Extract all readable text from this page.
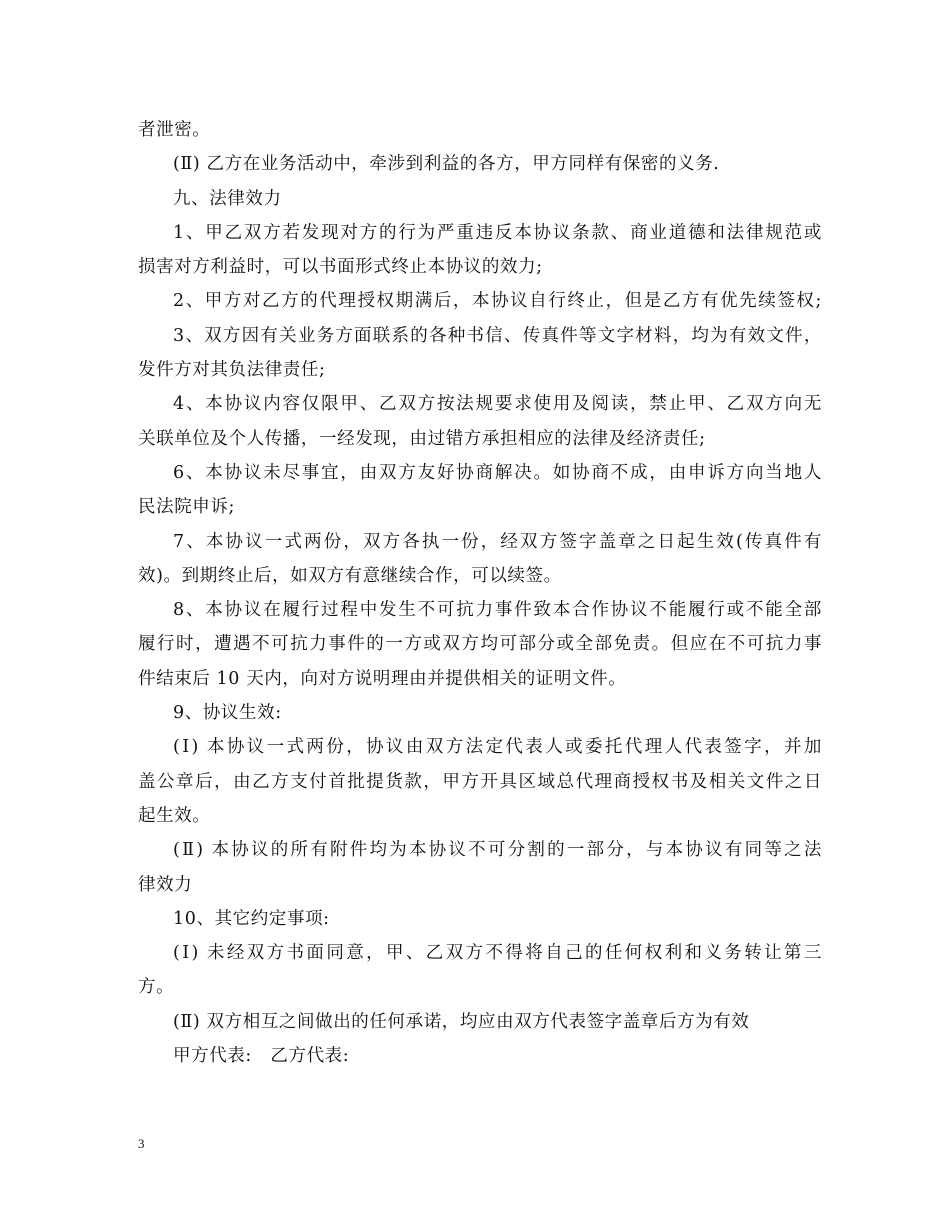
者泄密。
(Ⅱ) 乙方在业务活动中，牵涉到利益的各方，甲方同样有保密的义务.
九、法律效力
1、甲乙双方若发现对方的行为严重违反本协议条款、商业道德和法律规范或
损害对方利益时，可以书面形式终止本协议的效力;
2、甲方对乙方的代理授权期满后，本协议自行终止，但是乙方有优先续签权;
3、双方因有关业务方面联系的各种书信、传真件等文字材料，均为有效文件，
发件方对其负法律责任;
4、本协议内容仅限甲、乙双方按法规要求使用及阅读，禁止甲、乙双方向无
关联单位及个人传播，一经发现，由过错方承担相应的法律及经济责任;
6、本协议未尽事宜，由双方友好协商解决。如协商不成，由申诉方向当地人
民法院申诉;
7、本协议一式两份，双方各执一份，经双方签字盖章之日起生效(传真件有
效)。到期终止后，如双方有意继续合作，可以续签。
8、本协议在履行过程中发生不可抗力事件致本合作协议不能履行或不能全部
履行时，遭遇不可抗力事件的一方或双方均可部分或全部免责。但应在不可抗力事
件结束后 10 天内，向对方说明理由并提供相关的证明文件。
9、协议生效:
(Ⅰ) 本协议一式两份，协议由双方法定代表人或委托代理人代表签字，并加
盖公章后，由乙方支付首批提货款，甲方开具区域总代理商授权书及相关文件之日
起生效。
(Ⅱ) 本协议的所有附件均为本协议不可分割的一部分，与本协议有同等之法
律效力
10、其它约定事项:
(Ⅰ) 未经双方书面同意，甲、乙双方不得将自己的任何权利和义务转让第三
方。
(Ⅱ) 双方相互之间做出的任何承诺，均应由双方代表签字盖章后方为有效
甲方代表:   乙方代表:
3
